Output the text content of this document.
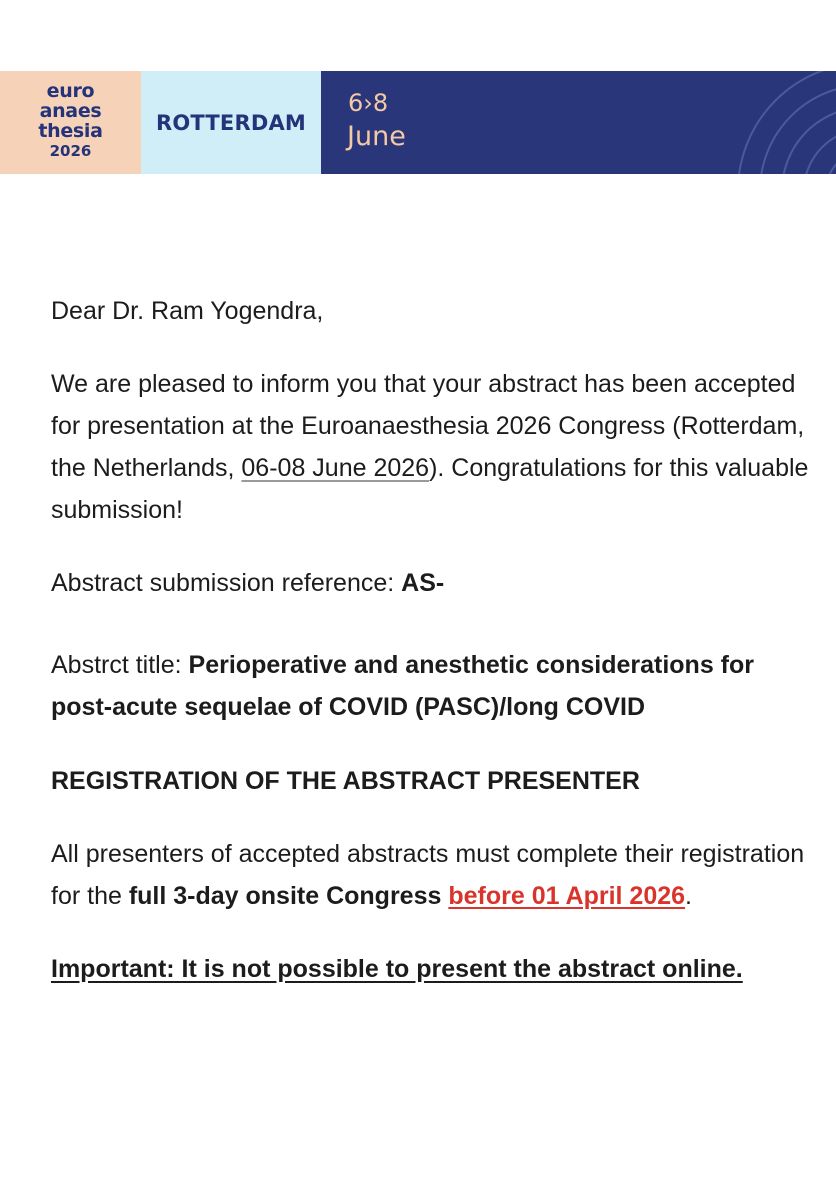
euro
anaes
thesia
2026
ROTTERDAM
6›8
June

Dear Dr. Ram Yogendra,

We are pleased to inform you that your abstract has been accepted for presentation at the Euroanaesthesia 2026 Congress (Rotterdam, the Netherlands, 06-08 June 2026). Congratulations for this valuable submission!

Abstract submission reference: AS-

Abstrct title: Perioperative and anesthetic considerations for post-acute sequelae of COVID (PASC)/long COVID

REGISTRATION OF THE ABSTRACT PRESENTER

All presenters of accepted abstracts must complete their registration for the full 3-day onsite Congress before 01 April 2026.

Important: It is not possible to present the abstract online.
